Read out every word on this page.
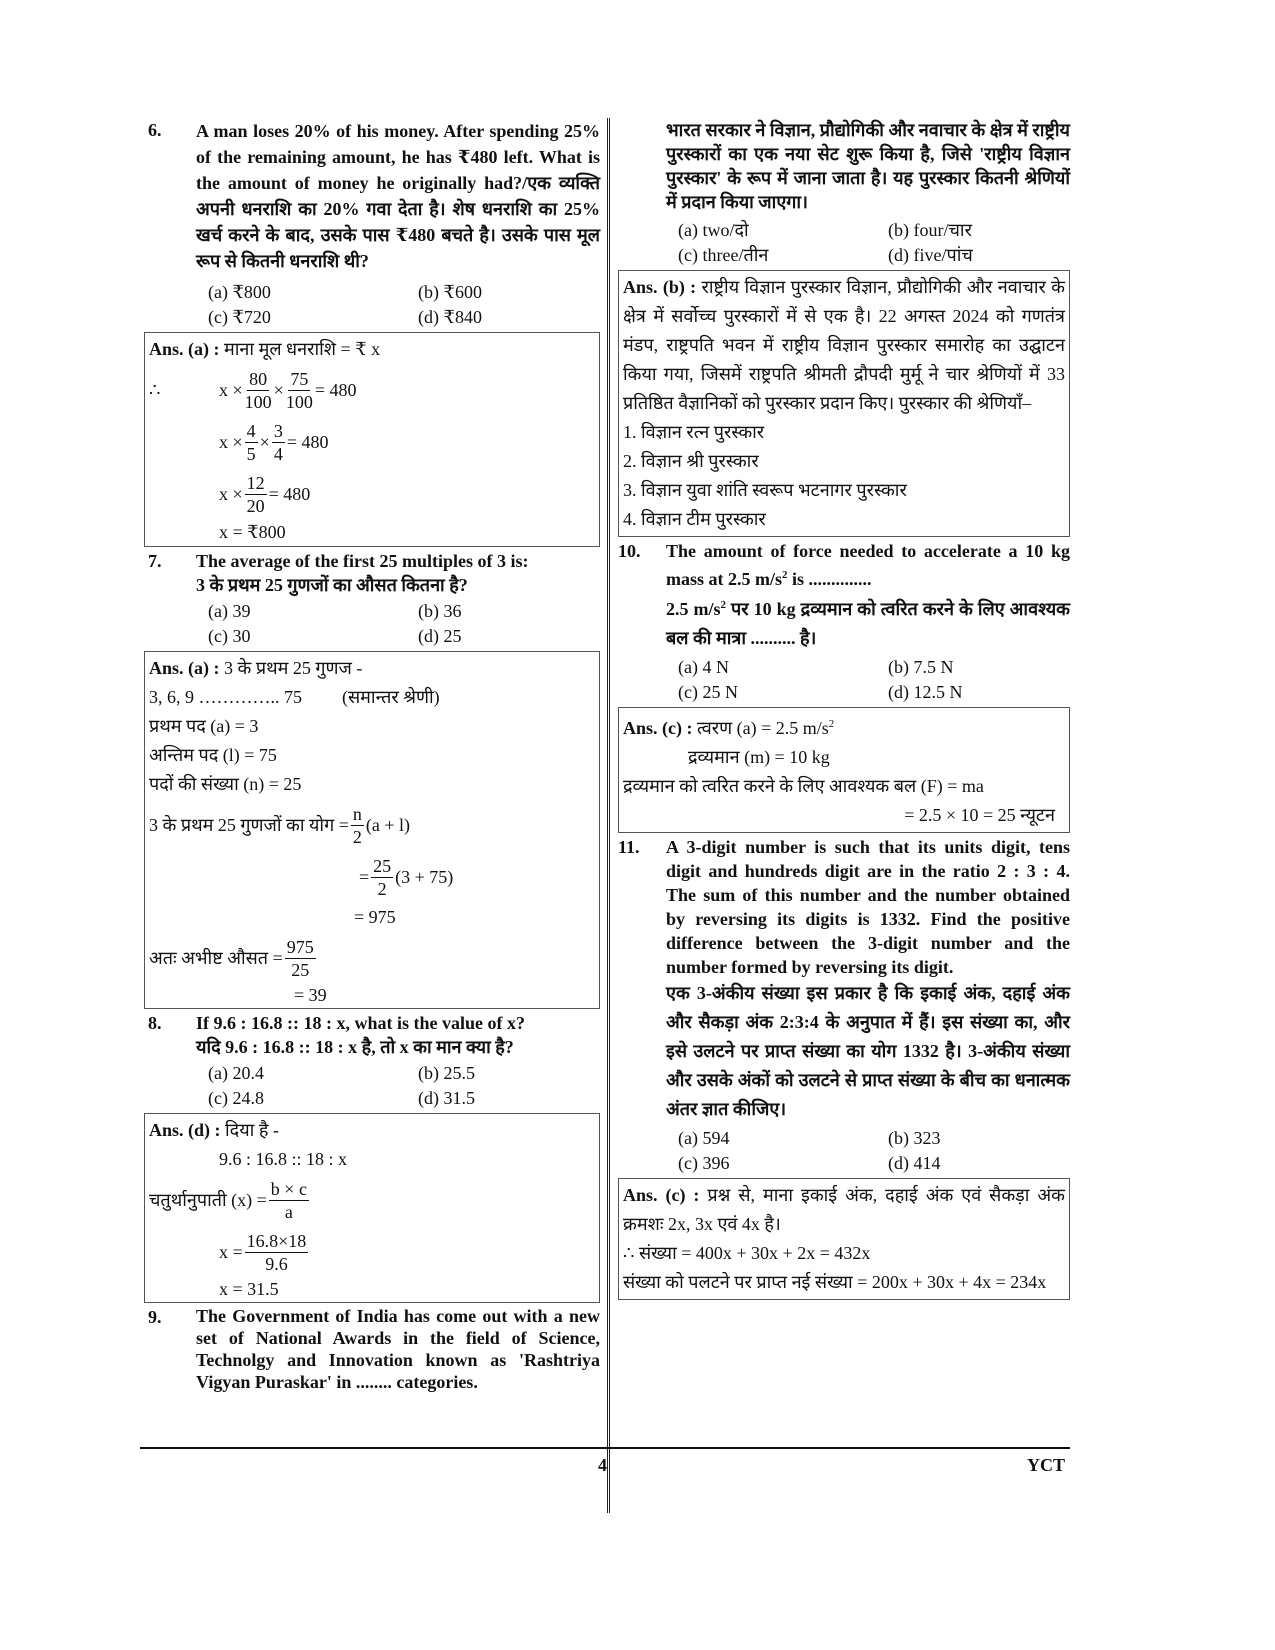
6.	A man loses 20% of his money. After spending 25% of the remaining amount, he has ₹480 left. What is the amount of money he originally had?/एक व्यक्ति अपनी धनराशि का 20% गवा देता है। शेष धनराशि का 25% खर्च करने के बाद, उसके पास ₹480 बचते है। उसके पास मूल रूप से कितनी धनराशि थी?
(a) ₹800	(b) ₹600
(c) ₹720	(d) ₹840
Ans. (a) : माना मूल धनराशि = ₹ x
∴	$x \times \frac{80}{100} \times \frac{75}{100} = 480$
$x \times \frac{4}{5} \times \frac{3}{4} = 480$
$x \times \frac{12}{20} = 480$
x = ₹800
7.	The average of the first 25 multiples of 3 is:
3 के प्रथम 25 गुणजों का औसत कितना है?
(a) 39	(b) 36
(c) 30	(d) 25
Ans. (a) : 3 के प्रथम 25 गुणज -
3, 6, 9 ………….. 75 (समान्तर श्रेणी)
प्रथम पद (a) = 3
अन्तिम पद (l) = 75
पदों की संख्या (n) = 25
3 के प्रथम 25 गुणजों का योग
= $\frac{n}{2} (a + l)$
= $\frac{25}{2} (3 + 75)$
= 975
अतः अभीष्ट औसत
= $\frac{975}{25}$
= 39
8.	If 9.6 : 16.8 :: 18 : x, what is the value of x?
यदि 9.6 : 16.8 :: 18 : x है, तो x का मान क्या है?
(a) 20.4	(b) 25.5
(c) 24.8	(d) 31.5
Ans. (d) : दिया है -
9.6 : 16.8 :: 18 : x
चतुर्थानुपाती (x)
= $\frac{b \times c}{a}$
$x = \frac{16.8\times 18}{9.6}$
x = 31.5
9.	The Government of India has come out with a new set of National Awards in the field of Science, Technolgy and Innovation known as 'Rashtriya Vigyan Puraskar' in ........ categories.
भारत सरकार ने विज्ञान, प्रौद्योगिकी और नवाचार के क्षेत्र में राष्ट्रीय पुरस्कारों का एक नया सेट शुरू किया है, जिसे 'राष्ट्रीय विज्ञान पुरस्कार' के रूप में जाना जाता है। यह पुरस्कार कितनी श्रेणियों में प्रदान किया जाएगा।
(a) two/दो	(b) four/चार
(c) three/तीन	(d) five/पांच
Ans. (b) : राष्ट्रीय विज्ञान पुरस्कार विज्ञान, प्रौद्योगिकी और नवाचार के क्षेत्र में सर्वोच्च पुरस्कारों में से एक है। 22 अगस्त 2024 को गणतंत्र मंडप, राष्ट्रपति भवन में राष्ट्रीय विज्ञान पुरस्कार समारोह का उद्घाटन किया गया, जिसमें राष्ट्रपति श्रीमती द्रौपदी मुर्मू ने चार श्रेणियों में 33 प्रतिष्ठित वैज्ञानिकों को पुरस्कार प्रदान किए। पुरस्कार की श्रेणियाँ–
1. विज्ञान रत्न पुरस्कार
2. विज्ञान श्री पुरस्कार
3. विज्ञान युवा शांति स्वरूप भटनागर पुरस्कार
4. विज्ञान टीम पुरस्कार
10.	The amount of force needed to accelerate a 10 kg mass at 2.5 $m/s^2$ is ..............
2.5 $m/s^2$ पर 10 kg द्रव्यमान को त्वरित करने के लिए आवश्यक बल की मात्रा .......... है।
(a) 4 N	(b) 7.5 N
(c) 25 N	(d) 12.5 N
Ans. (c) : त्वरण (a) = 2.5 $m/s^2$
द्रव्यमान (m) = 10 kg
द्रव्यमान को त्वरित करने के लिए आवश्यक बल (F) = ma
= 2.5 × 10 = 25 न्यूटन
11.	A 3-digit number is such that its units digit, tens digit and hundreds digit are in the ratio 2 : 3 : 4. The sum of this number and the number obtained by reversing its digits is 1332. Find the positive difference between the 3-digit number and the number formed by reversing its digit.
एक 3-अंकीय संख्या इस प्रकार है कि इकाई अंक, दहाई अंक और सैकड़ा अंक 2:3:4 के अनुपात में हैं। इस संख्या का, और इसे उलटने पर प्राप्त संख्या का योग 1332 है। 3-अंकीय संख्या और उसके अंकों को उलटने से प्राप्त संख्या के बीच का धनात्मक अंतर ज्ञात कीजिए।
(a) 594	(b) 323
(c) 396	(d) 414
Ans. (c) : प्रश्न से, माना इकाई अंक, दहाई अंक एवं सैकड़ा अंक क्रमशः 2x, 3x एवं 4x है।
∴ संख्या = 400x + 30x + 2x = 432x
संख्या को पलटने पर प्राप्त नई संख्या = 200x + 30x + 4x = 234x
4	YCT
